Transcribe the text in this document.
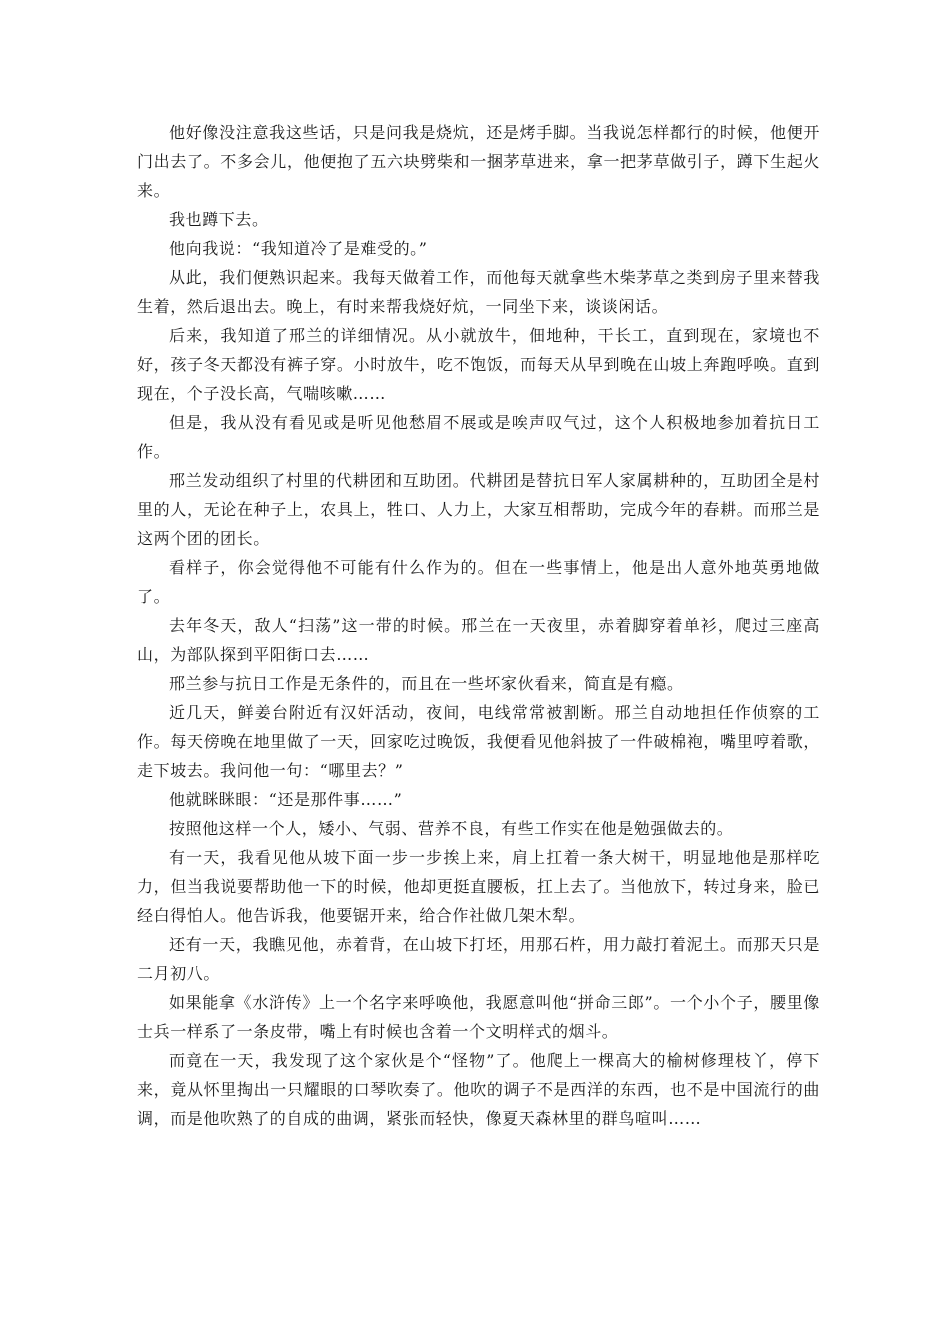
他好像没注意我这些话，只是问我是烧炕，还是烤手脚。当我说怎样都行的时候，他便开门出去了。不多会儿，他便抱了五六块劈柴和一捆茅草进来，拿一把茅草做引子，蹲下生起火来。

我也蹲下去。

他向我说：“我知道冷了是难受的。”

从此，我们便熟识起来。我每天做着工作，而他每天就拿些木柴茅草之类到房子里来替我生着，然后退出去。晚上，有时来帮我烧好炕，一同坐下来，谈谈闲话。

后来，我知道了邢兰的详细情况。从小就放牛，佃地种，干长工，直到现在，家境也不好，孩子冬天都没有裤子穿。小时放牛，吃不饱饭，而每天从早到晚在山坡上奔跑呼唤。直到现在，个子没长高，气喘咳嗽……

但是，我从没有看见或是听见他愁眉不展或是唉声叹气过，这个人积极地参加着抗日工作。

邢兰发动组织了村里的代耕团和互助团。代耕团是替抗日军人家属耕种的，互助团全是村里的人，无论在种子上，农具上，牲口、人力上，大家互相帮助，完成今年的春耕。而邢兰是这两个团的团长。

看样子，你会觉得他不可能有什么作为的。但在一些事情上，他是出人意外地英勇地做了。

去年冬天，敌人“扫荡”这一带的时候。邢兰在一天夜里，赤着脚穿着单衫，爬过三座高山，为部队探到平阳街口去……

邢兰参与抗日工作是无条件的，而且在一些坏家伙看来，简直是有瘾。

近几天，鲜姜台附近有汉奸活动，夜间，电线常常被割断。邢兰自动地担任作侦察的工作。每天傍晚在地里做了一天，回家吃过晚饭，我便看见他斜披了一件破棉袍，嘴里哼着歌，走下坡去。我问他一句：“哪里去？”

他就眯眯眼：“还是那件事……”

按照他这样一个人，矮小、气弱、营养不良，有些工作实在他是勉强做去的。

有一天，我看见他从坡下面一步一步挨上来，肩上扛着一条大树干，明显地他是那样吃力，但当我说要帮助他一下的时候，他却更挺直腰板，扛上去了。当他放下，转过身来，脸已经白得怕人。他告诉我，他要锯开来，给合作社做几架木犁。

还有一天，我瞧见他，赤着背，在山坡下打坯，用那石杵，用力敲打着泥土。而那天只是二月初八。

如果能拿《水浒传》上一个名字来呼唤他，我愿意叫他“拼命三郎”。一个小个子，腰里像士兵一样系了一条皮带，嘴上有时候也含着一个文明样式的烟斗。

而竟在一天，我发现了这个家伙是个“怪物”了。他爬上一棵高大的榆树修理枝丫，停下来，竟从怀里掏出一只耀眼的口琴吹奏了。他吹的调子不是西洋的东西，也不是中国流行的曲调，而是他吹熟了的自成的曲调，紧张而轻快，像夏天森林里的群鸟喧叫……
